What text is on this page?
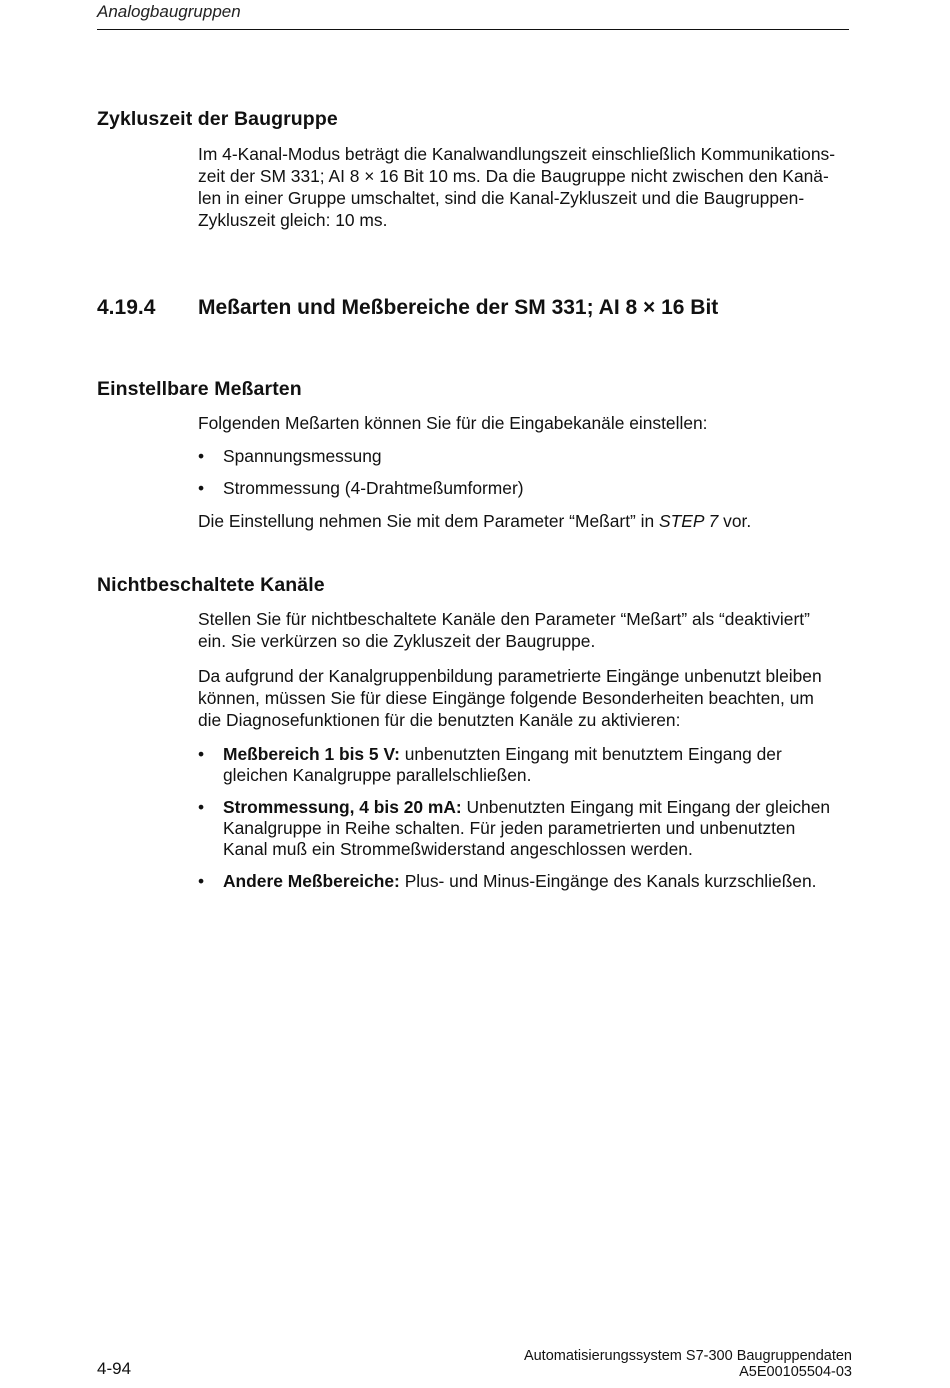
Analogbaugruppen
Zykluszeit der Baugruppe
Im 4-Kanal-Modus beträgt die Kanalwandlungszeit einschließlich Kommunikations-
zeit der SM 331; AI 8 × 16 Bit 10 ms. Da die Baugruppe nicht zwischen den Kanä-
len in einer Gruppe umschaltet, sind die Kanal-Zykluszeit und die Baugruppen-
Zykluszeit gleich: 10 ms.
4.19.4 Meßarten und Meßbereiche der SM 331; AI 8 × 16 Bit
Einstellbare Meßarten
Folgenden Meßarten können Sie für die Eingabekanäle einstellen:
• Spannungsmessung
• Strommessung (4-Drahtmeßumformer)
Die Einstellung nehmen Sie mit dem Parameter “Meßart” in STEP 7 vor.
Nichtbeschaltete Kanäle
Stellen Sie für nichtbeschaltete Kanäle den Parameter “Meßart” als “deaktiviert”
ein. Sie verkürzen so die Zykluszeit der Baugruppe.
Da aufgrund der Kanalgruppenbildung parametrierte Eingänge unbenutzt bleiben
können, müssen Sie für diese Eingänge folgende Besonderheiten beachten, um
die Diagnosefunktionen für die benutzten Kanäle zu aktivieren:
• Meßbereich 1 bis 5 V: unbenutzten Eingang mit benutztem Eingang der
gleichen Kanalgruppe parallelschließen.
• Strommessung, 4 bis 20 mA: Unbenutzten Eingang mit Eingang der gleichen
Kanalgruppe in Reihe schalten. Für jeden parametrierten und unbenutzten
Kanal muß ein Strommeßwiderstand angeschlossen werden.
• Andere Meßbereiche: Plus- und Minus-Eingänge des Kanals kurzschließen.
4-94
Automatisierungssystem S7-300 Baugruppendaten
A5E00105504-03
